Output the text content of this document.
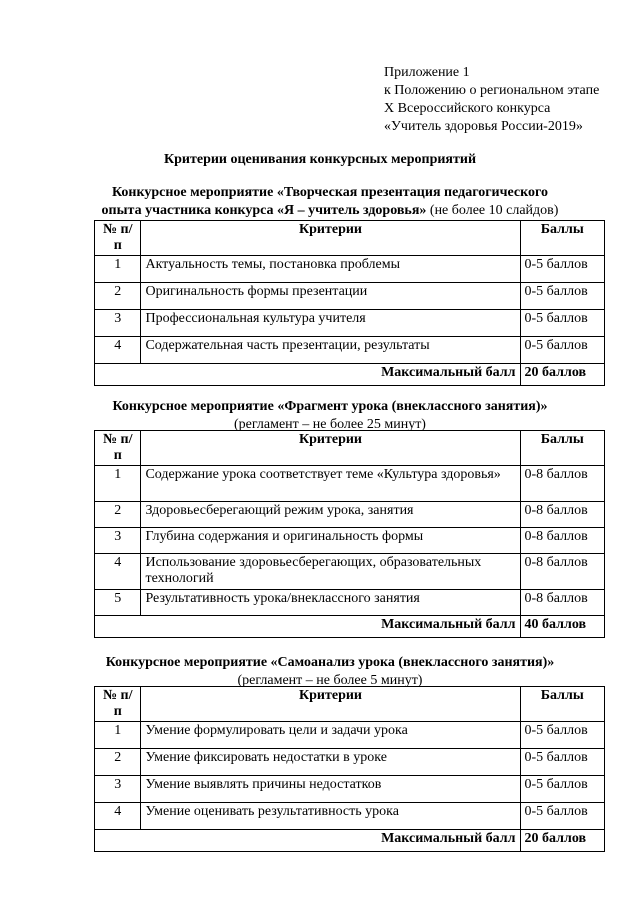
Приложение 1
к Положению о региональном этапе
X Всероссийского конкурса
«Учитель здоровья России-2019»
Критерии оценивания конкурсных мероприятий
Конкурсное мероприятие «Творческая презентация педагогического опыта участника конкурса «Я – учитель здоровья» (не более 10 слайдов)
№ п/п	Критерии	Баллы
1	Актуальность темы, постановка проблемы	0-5 баллов
2	Оригинальность формы презентации	0-5 баллов
3	Профессиональная культура учителя	0-5 баллов
4	Содержательная часть презентации, результаты	0-5 баллов
Максимальный балл		20 баллов
Конкурсное мероприятие «Фрагмент урока (внеклассного занятия)»
(регламент – не более 25 минут)
№ п/п	Критерии	Баллы
1	Содержание урока соответствует теме «Культура здоровья»	0-8 баллов
2	Здоровьесберегающий режим урока, занятия	0-8 баллов
3	Глубина содержания и оригинальность формы	0-8 баллов
4	Использование здоровьесберегающих, образовательных технологий	0-8 баллов
5	Результативность урока/внеклассного занятия	0-8 баллов
Максимальный балл		40 баллов
Конкурсное мероприятие «Самоанализ урока (внеклассного занятия)»
(регламент – не более 5 минут)
№ п/п	Критерии	Баллы
1	Умение формулировать цели и задачи урока	0-5 баллов
2	Умение фиксировать недостатки в уроке	0-5 баллов
3	Умение выявлять причины недостатков	0-5 баллов
4	Умение оценивать результативность урока	0-5 баллов
Максимальный балл		20 баллов
